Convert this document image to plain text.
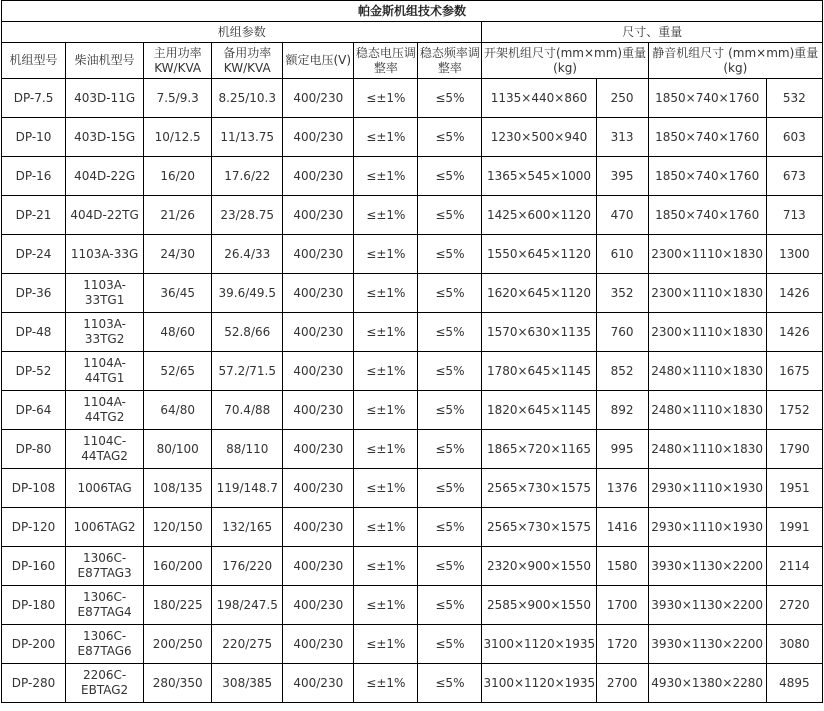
帕金斯机组技术参数										
机组参数							尺寸、重量			
机组型号	柴油机型号	主用功率KW/KVA	备用功率KW/KVA	额定电压(V)	稳态电压调整率	稳态频率调整率	开架机组尺寸(mm×mm)重量(kg)		静音机组尺寸 (mm×mm)重量(kg)	
DP-7.5	403D-11G	7.5/9.3	8.25/10.3	400/230	≤±1%	≤5%	1135×440×860	250	1850×740×1760	532
DP-10	403D-15G	10/12.5	11/13.75	400/230	≤±1%	≤5%	1230×500×940	313	1850×740×1760	603
DP-16	404D-22G	16/20	17.6/22	400/230	≤±1%	≤5%	1365×545×1000	395	1850×740×1760	673
DP-21	404D-22TG	21/26	23/28.75	400/230	≤±1%	≤5%	1425×600×1120	470	1850×740×1760	713
DP-24	1103A-33G	24/30	26.4/33	400/230	≤±1%	≤5%	1550×645×1120	610	2300×1110×1830	1300
DP-36	1103A-33TG1	36/45	39.6/49.5	400/230	≤±1%	≤5%	1620×645×1120	352	2300×1110×1830	1426
DP-48	1103A-33TG2	48/60	52.8/66	400/230	≤±1%	≤5%	1570×630×1135	760	2300×1110×1830	1426
DP-52	1104A-44TG1	52/65	57.2/71.5	400/230	≤±1%	≤5%	1780×645×1145	852	2480×1110×1830	1675
DP-64	1104A-44TG2	64/80	70.4/88	400/230	≤±1%	≤5%	1820×645×1145	892	2480×1110×1830	1752
DP-80	1104C-44TAG2	80/100	88/110	400/230	≤±1%	≤5%	1865×720×1165	995	2480×1110×1830	1790
DP-108	1006TAG	108/135	119/148.7	400/230	≤±1%	≤5%	2565×730×1575	1376	2930×1110×1930	1951
DP-120	1006TAG2	120/150	132/165	400/230	≤±1%	≤5%	2565×730×1575	1416	2930×1110×1930	1991
DP-160	1306C-E87TAG3	160/200	176/220	400/230	≤±1%	≤5%	2320×900×1550	1580	3930×1130×2200	2114
DP-180	1306C-E87TAG4	180/225	198/247.5	400/230	≤±1%	≤5%	2585×900×1550	1700	3930×1130×2200	2720
DP-200	1306C-E87TAG6	200/250	220/275	400/230	≤±1%	≤5%	3100×1120×1935	1720	3930×1130×2200	3080
DP-280	2206C-EBTAG2	280/350	308/385	400/230	≤±1%	≤5%	3100×1120×1935	2700	4930×1380×2280	4895
